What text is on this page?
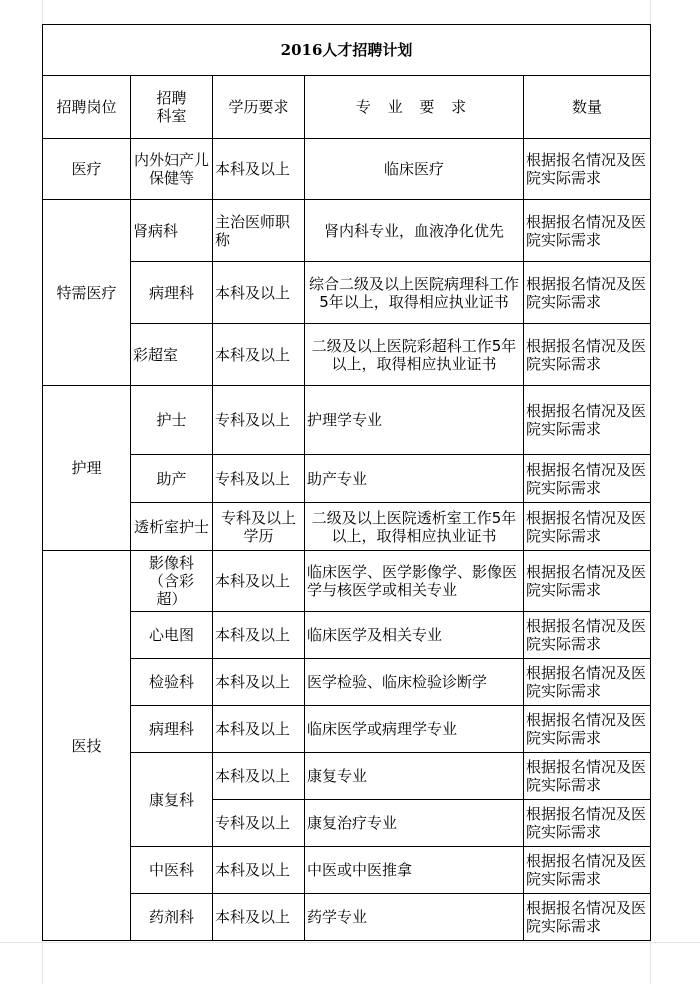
2016人才招聘计划				
招聘岗位	招聘科室	学历要求	专 业 要 求	数量
医疗	内外妇产儿保健等	本科及以上	临床医疗	根据报名情况及医院实际需求
特需医疗	肾病科	主治医师职称	肾内科专业，血液净化优先	根据报名情况及医院实际需求
	病理科	本科及以上	综合二级及以上医院病理科工作5年以上，取得相应执业证书	根据报名情况及医院实际需求
	彩超室	本科及以上	二级及以上医院彩超科工作5年以上，取得相应执业证书	根据报名情况及医院实际需求
护理	护士	专科及以上	护理学专业	根据报名情况及医院实际需求
	助产	专科及以上	助产专业	根据报名情况及医院实际需求

	透析室护士	专科及以上学历	二级及以上医院透析室工作5年以上，取得相应执业证书	根据报名情况及医院实际需求
医技	影像科（含彩超）	本科及以上	临床医学、医学影像学、影像医学与核医学或相关专业	根据报名情况及医院实际需求
	心电图	本科及以上	临床医学及相关专业	根据报名情况及医院实际需求
	检验科	本科及以上	医学检验、临床检验诊断学	根据报名情况及医院实际需求
	病理科	本科及以上	临床医学或病理学专业	根据报名情况及医院实际需求
	康复科	本科及以上	康复专业	根据报名情况及医院实际需求
		专科及以上	康复治疗专业	根据报名情况及医院实际需求
	中医科	本科及以上	中医或中医推拿	根据报名情况及医院实际需求
	药剂科	本科及以上	药学专业	根据报名情况及医院实际需求
